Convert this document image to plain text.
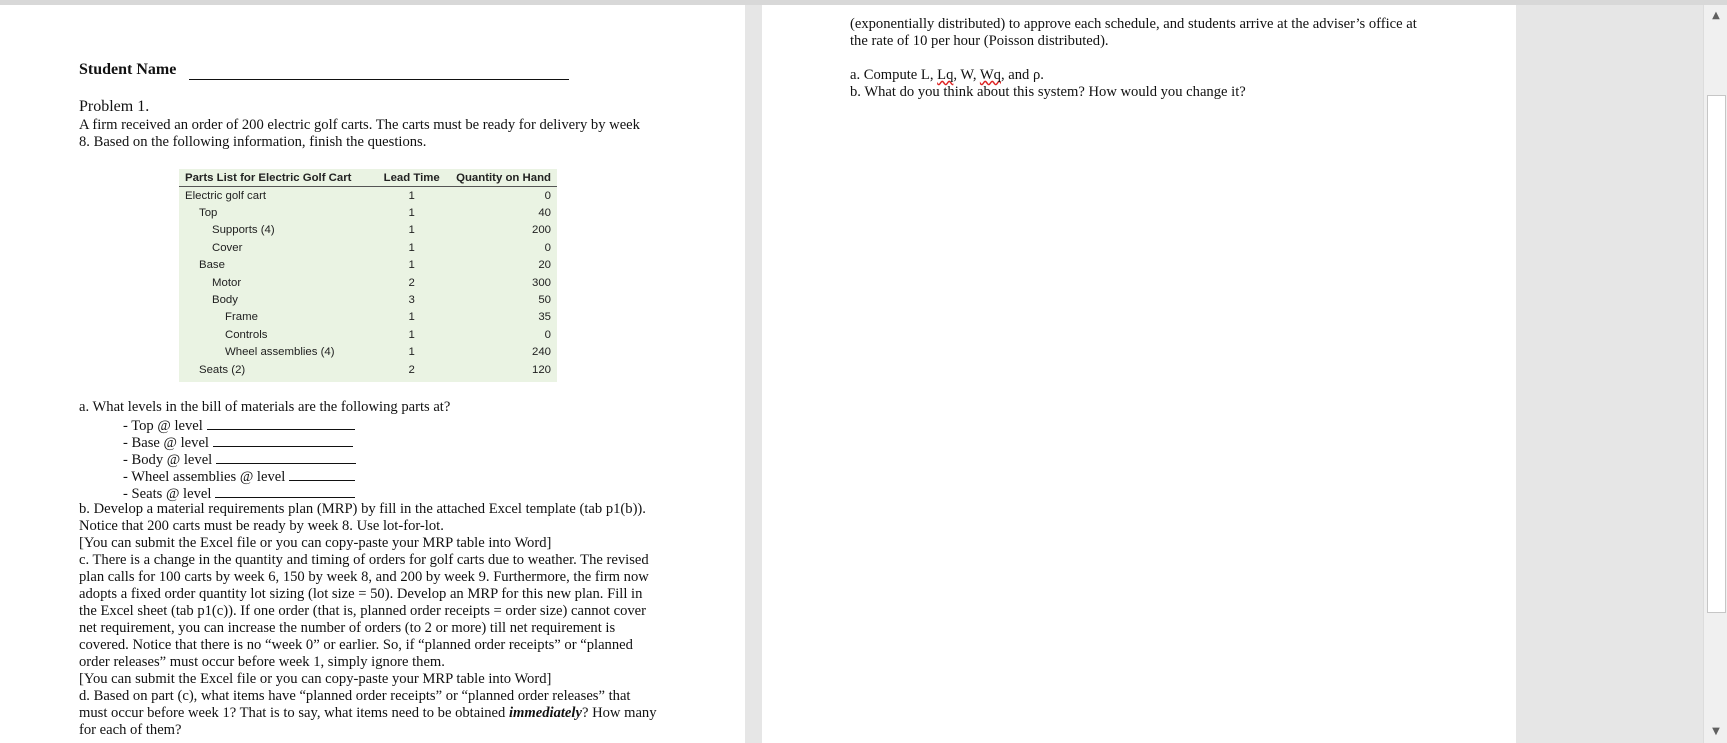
Student Name
Problem 1.
A firm received an order of 200 electric golf carts. The carts must be ready for delivery by week
8. Based on the following information, finish the questions.
Parts List for Electric Golf Cart	Lead Time	Quantity on Hand
Electric golf cart	1	0
Top	1	40
Supports (4)	1	200
Cover	1	0
Base	1	20
Motor	2	300
Body	3	50
Frame	1	35
Controls	1	0
Wheel assemblies (4)	1	240
Seats (2)	2	120
a. What levels in the bill of materials are the following parts at?
- Top @ level
- Base @ level
- Body @ level
- Wheel assemblies @ level
- Seats @ level
b. Develop a material requirements plan (MRP) by fill in the attached Excel template (tab p1(b)).
Notice that 200 carts must be ready by week 8. Use lot-for-lot.
[You can submit the Excel file or you can copy-paste your MRP table into Word]
c. There is a change in the quantity and timing of orders for golf carts due to weather. The revised
plan calls for 100 carts by week 6, 150 by week 8, and 200 by week 9. Furthermore, the firm now
adopts a fixed order quantity lot sizing (lot size = 50). Develop an MRP for this new plan. Fill in
the Excel sheet (tab p1(c)). If one order (that is, planned order receipts = order size) cannot cover
net requirement, you can increase the number of orders (to 2 or more) till net requirement is
covered. Notice that there is no “week 0” or earlier. So, if “planned order receipts” or “planned
order releases” must occur before week 1, simply ignore them.
[You can submit the Excel file or you can copy-paste your MRP table into Word]
d. Based on part (c), what items have “planned order receipts” or “planned order releases” that
must occur before week 1? That is to say, what items need to be obtained immediately? How many
for each of them?
(exponentially distributed) to approve each schedule, and students arrive at the adviser’s office at
the rate of 10 per hour (Poisson distributed).
a. Compute L, Lq, W, Wq, and ρ.
b. What do you think about this system? How would you change it?
▲
▼
